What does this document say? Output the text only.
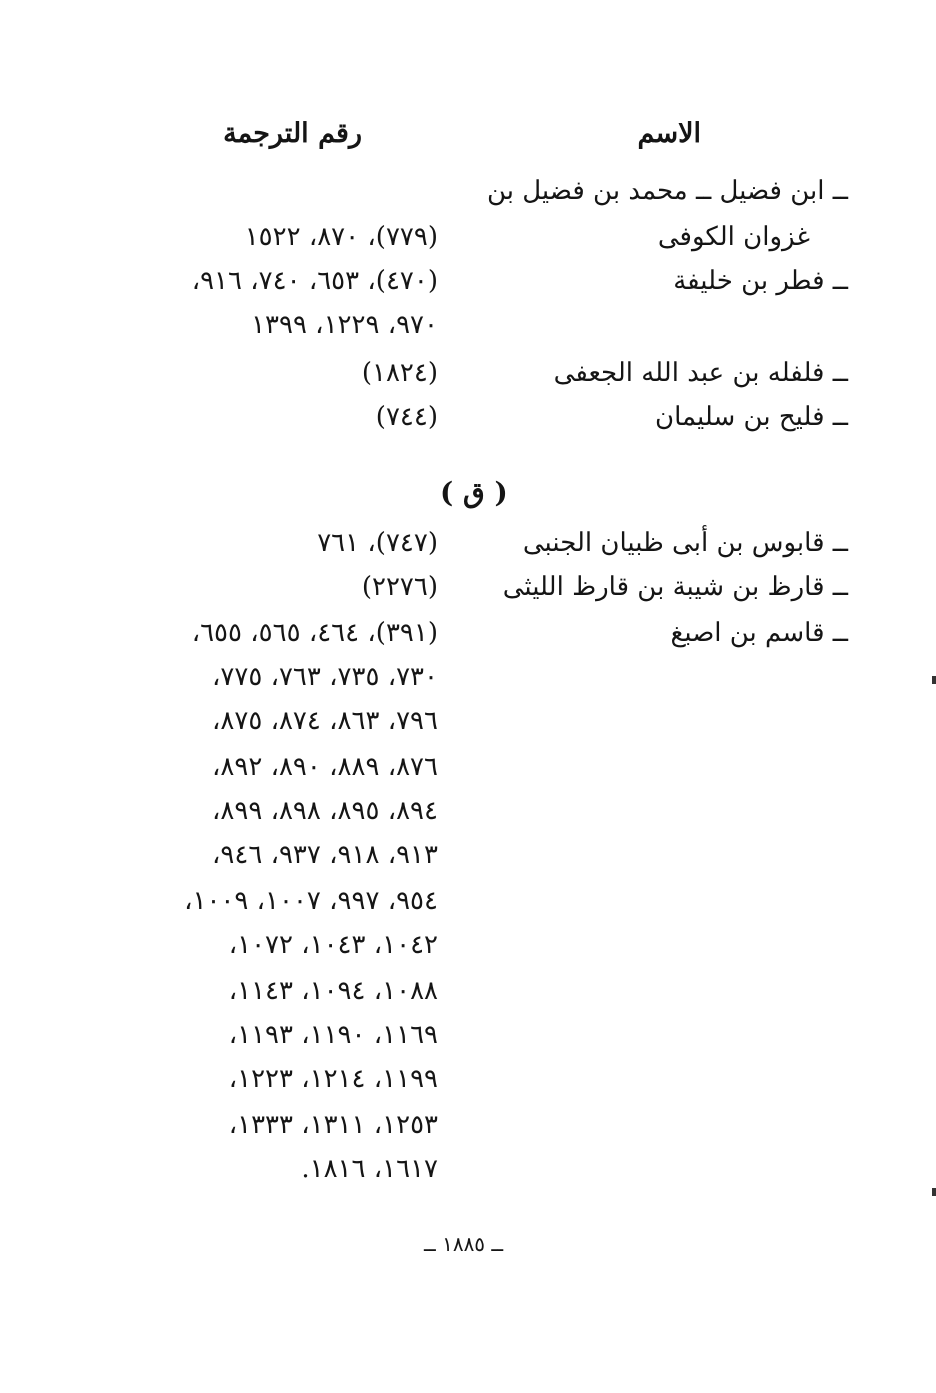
الاسم
رقم الترجمة
ــ ابن فضيل ــ محمد بن فضيل بن
غزوان الكوفى
(٧٧٩)، ٨٧٠، ١٥٢٢
ــ فطر بن خليفة
(٤٧٠)، ٦٥٣، ٧٤٠، ٩١٦،
٩٧٠، ١٢٢٩، ١٣٩٩
ــ فلفله بن عبد الله الجعفى
(١٨٢٤)
ــ فليح بن سليمان
(٧٤٤)
( ق )
ــ قابوس بن أبى ظبيان الجنبى
(٧٤٧)، ٧٦١
ــ قارظ بن شيبة بن قارظ الليثى
(٢٢٧٦)
ــ قاسم بن اصبغ
(٣٩١)، ٤٦٤، ٥٦٥، ٦٥٥،
٧٣٠، ٧٣٥، ٧٦٣، ٧٧٥،
٧٩٦، ٨٦٣، ٨٧٤، ٨٧٥،
٨٧٦، ٨٨٩، ٨٩٠، ٨٩٢،
٨٩٤، ٨٩٥، ٨٩٨، ٨٩٩،
٩١٣، ٩١٨، ٩٣٧، ٩٤٦،
٩٥٤، ٩٩٧، ١٠٠٧، ١٠٠٩،
١٠٤٢، ١٠٤٣، ١٠٧٢،
١٠٨٨، ١٠٩٤، ١١٤٣،
١١٦٩، ١١٩٠، ١١٩٣،
١١٩٩، ١٢١٤، ١٢٢٣،
١٢٥٣، ١٣١١، ١٣٣٣،
١٦١٧، ١٨١٦.
ــ ١٨٨٥ ــ
